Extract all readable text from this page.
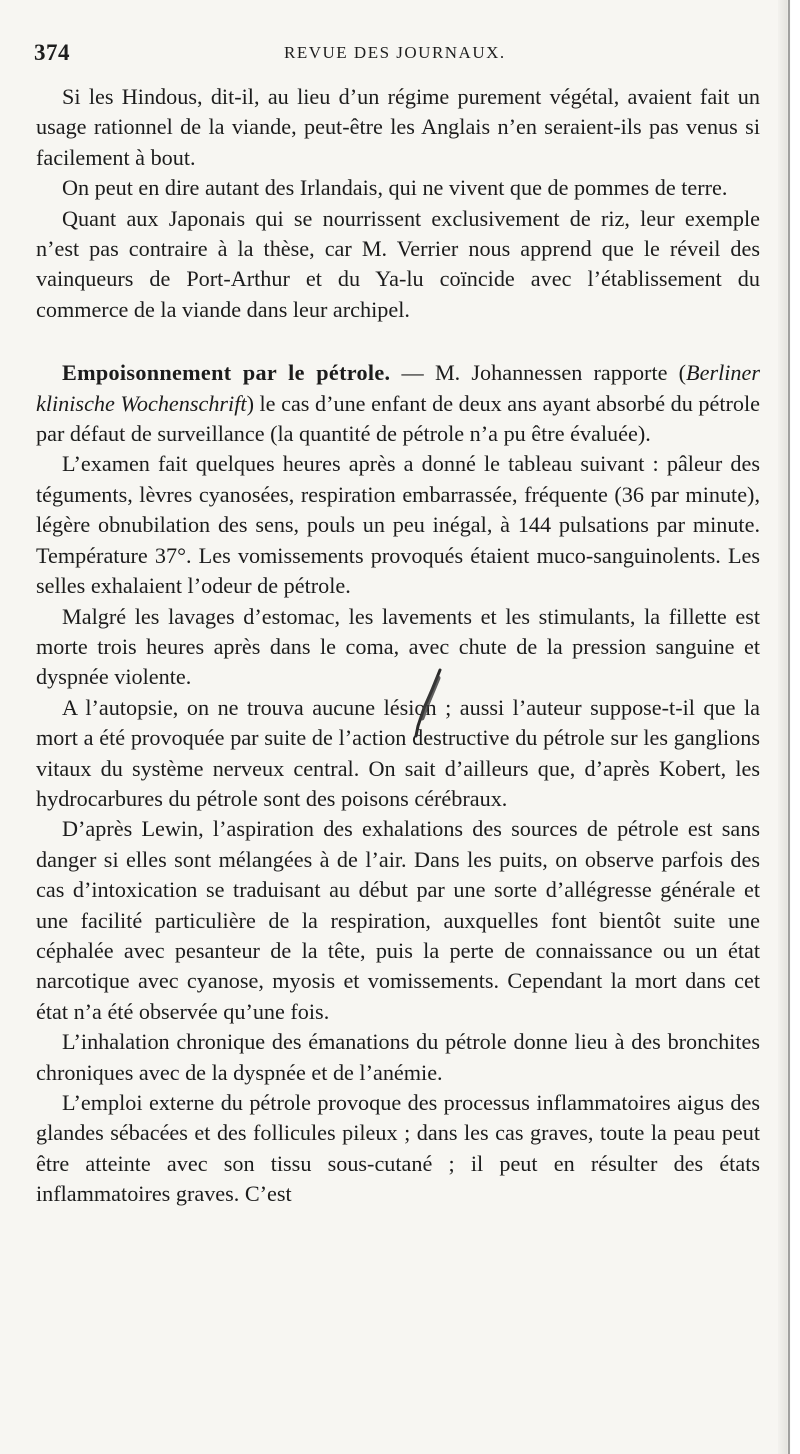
374	REVUE DES JOURNAUX.

Si les Hindous, dit-il, au lieu d’un régime purement végétal, avaient fait un usage rationnel de la viande, peut-être les Anglais n’en seraient-ils pas venus si facilement à bout.

On peut en dire autant des Irlandais, qui ne vivent que de pommes de terre.

Quant aux Japonais qui se nourrissent exclusivement de riz, leur exemple n’est pas contraire à la thèse, car M. Verrier nous apprend que le réveil des vainqueurs de Port-Arthur et du Ya-lu coïncide avec l’établissement du commerce de la viande dans leur archipel.

Empoisonnement par le pétrole. — M. Johannessen rapporte (Berliner klinische Wochenschrift) le cas d’une enfant de deux ans ayant absorbé du pétrole par défaut de surveillance (la quantité de pétrole n’a pu être évaluée).

L’examen fait quelques heures après a donné le tableau suivant : pâleur des téguments, lèvres cyanosées, respiration embarrassée, fréquente (36 par minute), légère obnubilation des sens, pouls un peu inégal, à 144 pulsations par minute. Température 37°. Les vomissements provoqués étaient muco-sanguinolents. Les selles exhalaient l’odeur de pétrole.

Malgré les lavages d’estomac, les lavements et les stimulants, la fillette est morte trois heures après dans le coma, avec chute de la pression sanguine et dyspnée violente.

A l’autopsie, on ne trouva aucune lésion ; aussi l’auteur suppose-t-il que la mort a été provoquée par suite de l’action destructive du pétrole sur les ganglions vitaux du système nerveux central. On sait d’ailleurs que, d’après Kobert, les hydrocarbures du pétrole sont des poisons cérébraux.

D’après Lewin, l’aspiration des exhalations des sources de pétrole est sans danger si elles sont mélangées à de l’air. Dans les puits, on observe parfois des cas d’intoxication se traduisant au début par une sorte d’allégresse générale et une facilité particulière de la respiration, auxquelles font bientôt suite une céphalée avec pesanteur de la tête, puis la perte de connaissance ou un état narcotique avec cyanose, myosis et vomissements. Cependant la mort dans cet état n’a été observée qu’une fois.

L’inhalation chronique des émanations du pétrole donne lieu à des bronchites chroniques avec de la dyspnée et de l’anémie.

L’emploi externe du pétrole provoque des processus inflammatoires aigus des glandes sébacées et des follicules pileux ; dans les cas graves, toute la peau peut être atteinte avec son tissu sous-cutané ; il peut en résulter des états inflammatoires graves. C’est
